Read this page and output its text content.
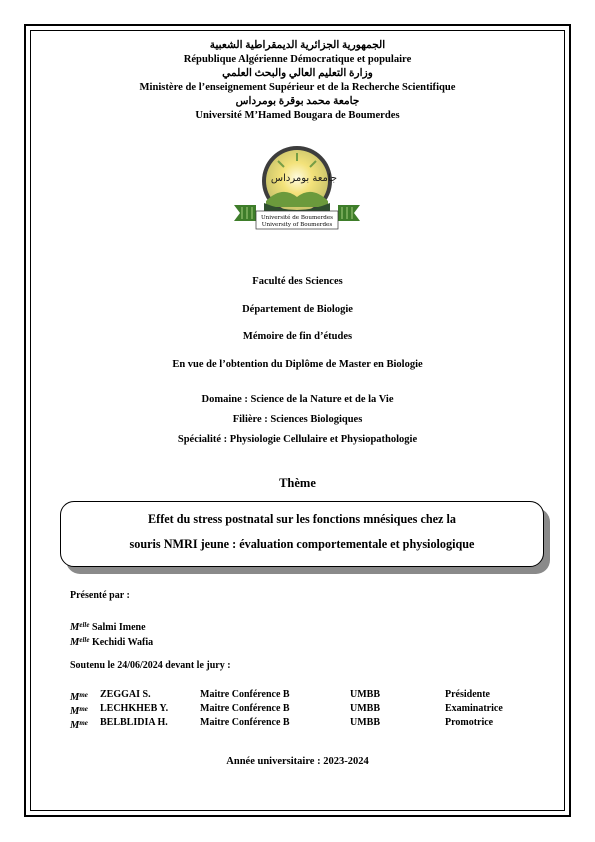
الجمهورية الجزائرية الديمقراطية الشعبية
République Algérienne Démocratique et populaire
وزارة التعليم العالي والبحث العلمي
Ministère de l’enseignement Supérieur et de la Recherche Scientifique
جامعة محمد بوقرة بومرداس
Université M’Hamed Bougara de Boumerdes
جامعة بومرداس
Université de Boumerdes
University of Boumerdes
Faculté des Sciences
Département de Biologie
Mémoire de fin d’études
En vue de l’obtention du Diplôme de Master en Biologie
Domaine : Science de la Nature et de la Vie
Filière : Sciences Biologiques
Spécialité : Physiologie Cellulaire et Physiopathologie
Thème
Effet du stress postnatal sur les fonctions mnésiques chez la
souris NMRI jeune : évaluation comportementale et physiologique
Présenté par :
$M^{elle}$ Salmi Imene
$M^{elle}$ Kechidi Wafia
Soutenu le 24/06/2024 devant le jury :
$M^{me}$ ZEGGAI S.	Maitre Conférence B	UMBB	Présidente
$M^{me}$ LECHKHEB Y.	Maitre Conférence B	UMBB	Examinatrice
$M^{me}$ BELBLIDIA H.	Maitre Conférence B	UMBB	Promotrice
Année universitaire : 2023-2024
